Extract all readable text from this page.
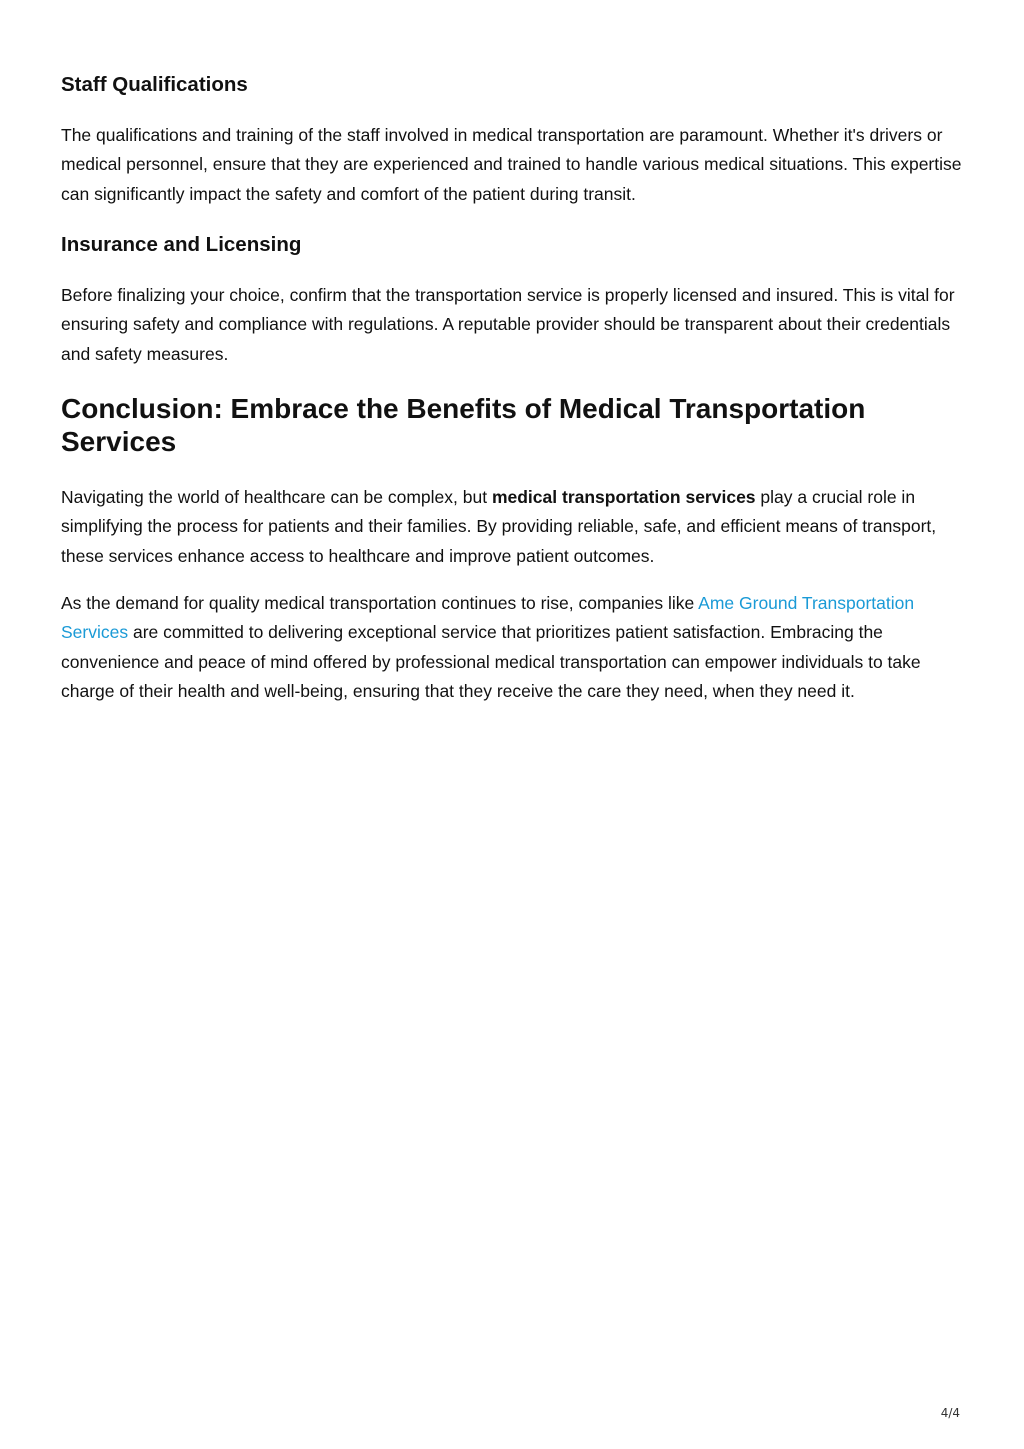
Staff Qualifications

The qualifications and training of the staff involved in medical transportation are paramount. Whether it's drivers or medical personnel, ensure that they are experienced and trained to handle various medical situations. This expertise can significantly impact the safety and comfort of the patient during transit.

Insurance and Licensing

Before finalizing your choice, confirm that the transportation service is properly licensed and insured. This is vital for ensuring safety and compliance with regulations. A reputable provider should be transparent about their credentials and safety measures.

Conclusion: Embrace the Benefits of Medical Transportation Services

Navigating the world of healthcare can be complex, but medical transportation services play a crucial role in simplifying the process for patients and their families. By providing reliable, safe, and efficient means of transport, these services enhance access to healthcare and improve patient outcomes.

As the demand for quality medical transportation continues to rise, companies like Ame Ground Transportation Services are committed to delivering exceptional service that prioritizes patient satisfaction. Embracing the convenience and peace of mind offered by professional medical transportation can empower individuals to take charge of their health and well-being, ensuring that they receive the care they need, when they need it.

4/4
